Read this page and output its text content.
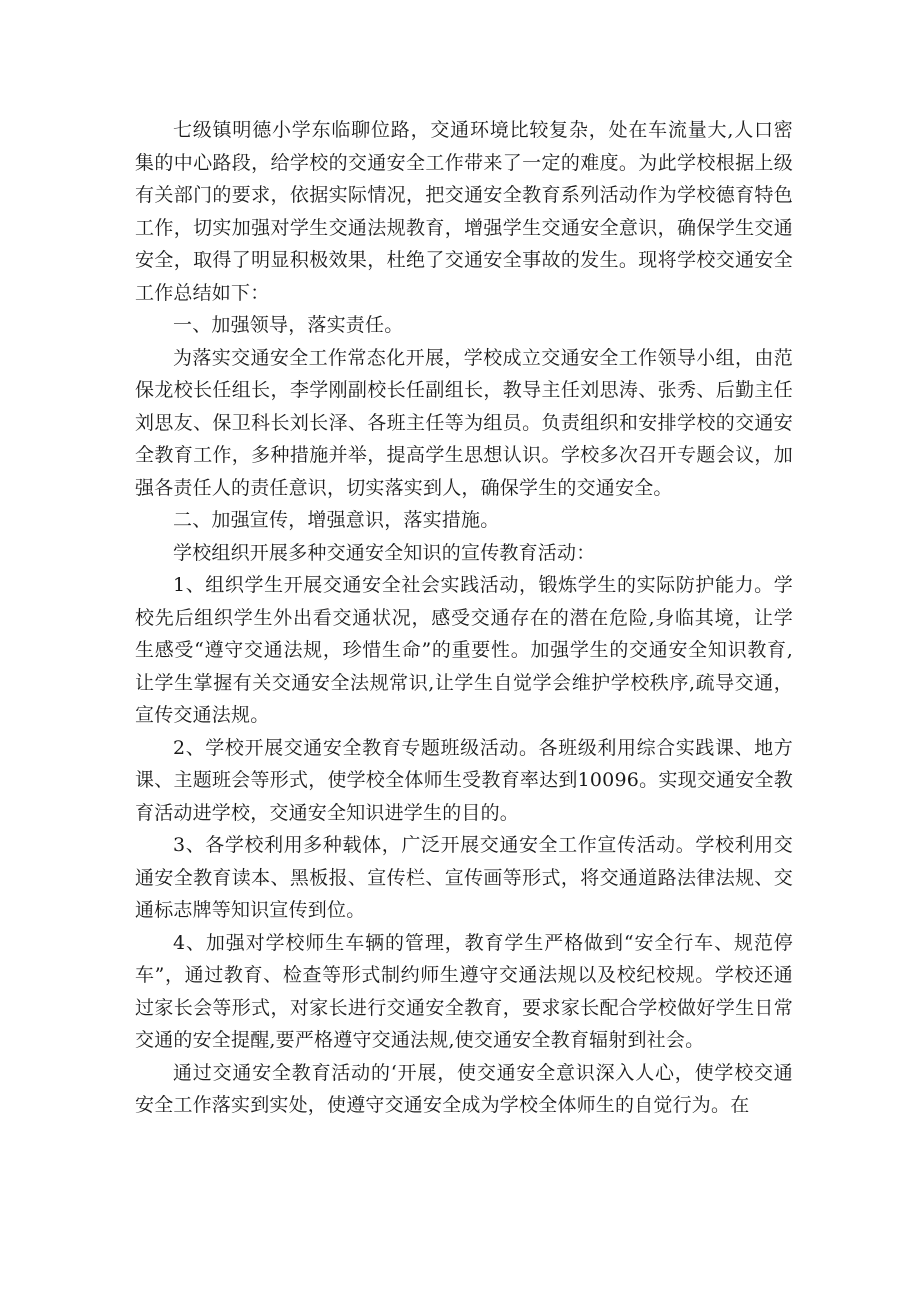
七级镇明德小学东临聊位路，交通环境比较复杂，处在车流量大,人口密集的中心路段，给学校的交通安全工作带来了一定的难度。为此学校根据上级有关部门的要求，依据实际情况，把交通安全教育系列活动作为学校德育特色工作，切实加强对学生交通法规教育，增强学生交通安全意识，确保学生交通安全，取得了明显积极效果，杜绝了交通安全事故的发生。现将学校交通安全工作总结如下：

一、加强领导，落实责任。

为落实交通安全工作常态化开展，学校成立交通安全工作领导小组，由范保龙校长任组长，李学刚副校长任副组长，教导主任刘思涛、张秀、后勤主任刘思友、保卫科长刘长泽、各班主任等为组员。负责组织和安排学校的交通安全教育工作，多种措施并举，提高学生思想认识。学校多次召开专题会议，加强各责任人的责任意识，切实落实到人，确保学生的交通安全。

二、加强宣传，增强意识，落实措施。

学校组织开展多种交通安全知识的宣传教育活动：

1、组织学生开展交通安全社会实践活动，锻炼学生的实际防护能力。学校先后组织学生外出看交通状况，感受交通存在的潜在危险,身临其境，让学生感受“遵守交通法规，珍惜生命”的重要性。加强学生的交通安全知识教育,让学生掌握有关交通安全法规常识,让学生自觉学会维护学校秩序,疏导交通，宣传交通法规。

2、学校开展交通安全教育专题班级活动。各班级利用综合实践课、地方课、主题班会等形式，使学校全体师生受教育率达到10096。实现交通安全教育活动进学校，交通安全知识进学生的目的。

3、各学校利用多种载体，广泛开展交通安全工作宣传活动。学校利用交通安全教育读本、黑板报、宣传栏、宣传画等形式，将交通道路法律法规、交通标志牌等知识宣传到位。

4、加强对学校师生车辆的管理，教育学生严格做到“安全行车、规范停车”，通过教育、检查等形式制约师生遵守交通法规以及校纪校规。学校还通过家长会等形式，对家长进行交通安全教育，要求家长配合学校做好学生日常交通的安全提醒,要严格遵守交通法规,使交通安全教育辐射到社会。

通过交通安全教育活动的‘开展，使交通安全意识深入人心，使学校交通安全工作落实到实处，使遵守交通安全成为学校全体师生的自觉行为。在
